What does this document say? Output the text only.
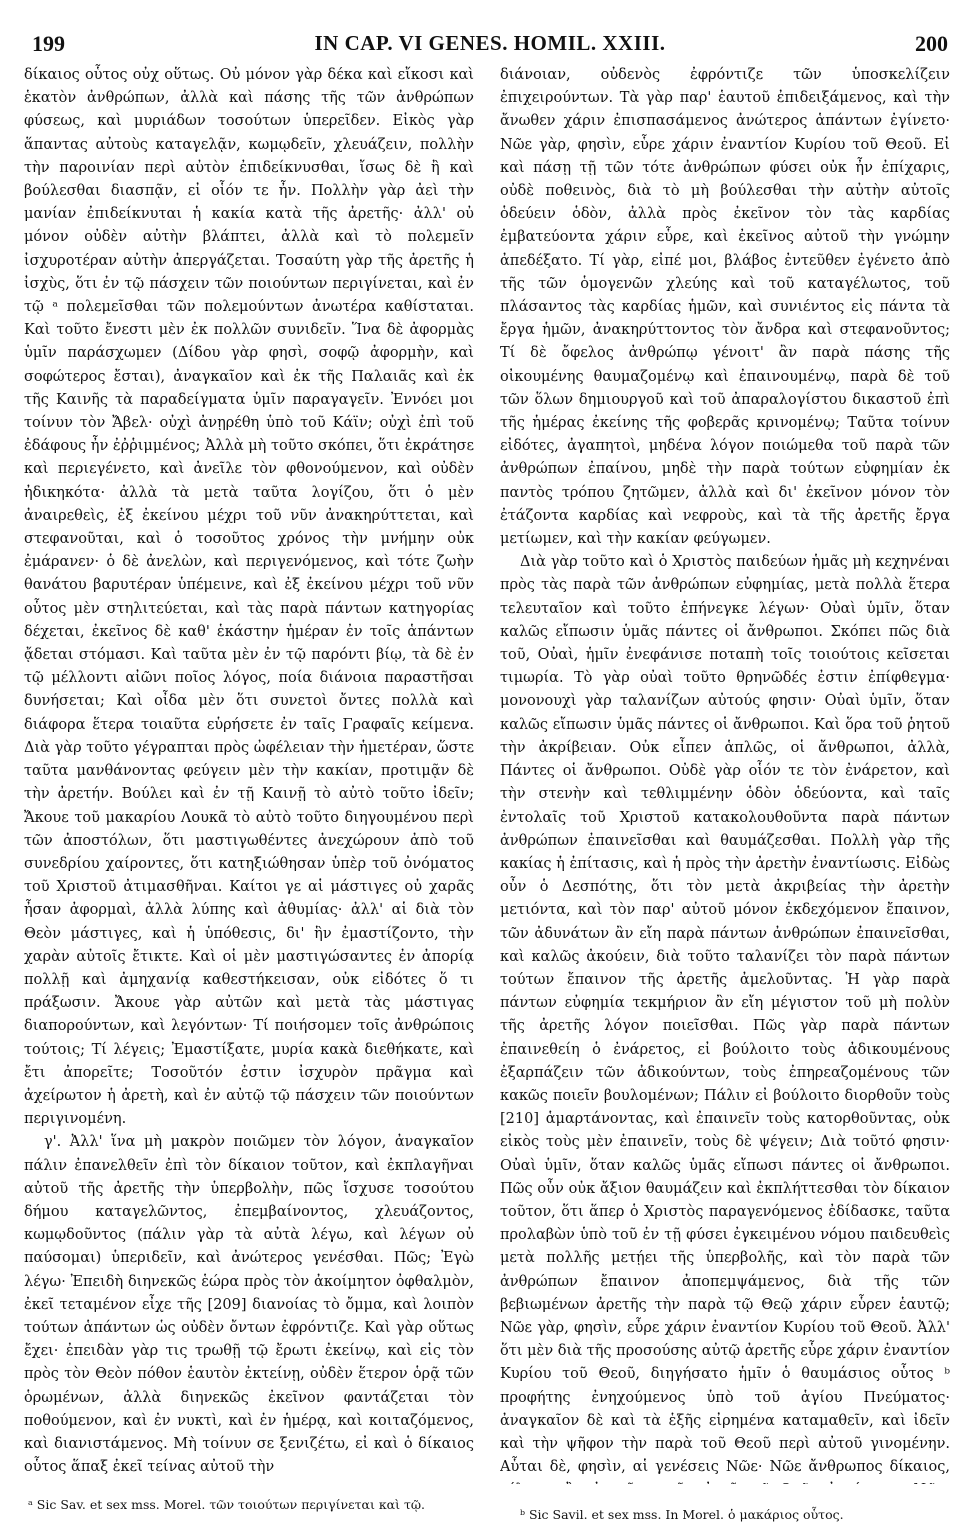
199	IN CAP. VI GENES. HOMIL. XXIII.	200

δίκαιος οὗτος οὐχ οὕτως. Οὐ μόνον γὰρ δέκα καὶ εἴκοσι καὶ ἑκατὸν ἀνθρώπων, ἀλλὰ καὶ πάσης τῆς τῶν ἀνθρώπων φύσεως, καὶ μυριάδων τοσούτων ὑπερεῖδεν. Εἰκὸς γὰρ ἅπαντας αὐτοὺς καταγελᾷν, κωμῳδεῖν, χλευάζειν, πολλὴν τὴν παροινίαν περὶ αὐτὸν ἐπιδείκνυσθαι, ἴσως δὲ ἢ καὶ βούλεσθαι διασπᾷν, εἰ οἷόν τε ἦν. Πολλὴν γὰρ ἀεὶ τὴν μανίαν ἐπιδείκνυται ἡ κακία κατὰ τῆς ἀρετῆς· ἀλλ' οὐ μόνον οὐδὲν αὐτὴν βλάπτει, ἀλλὰ καὶ τὸ πολεμεῖν ἰσχυροτέραν αὐτὴν ἀπεργάζεται. Τοσαύτη γὰρ τῆς ἀρετῆς ἡ ἰσχὺς, ὅτι ἐν τῷ πάσχειν τῶν ποιούντων περιγίνεται, καὶ ἐν τῷ ᵃ πολεμεῖσθαι τῶν πολεμούντων ἀνωτέρα καθίσταται. Καὶ τοῦτο ἔνεστι μὲν ἐκ πολλῶν συνιδεῖν. Ἵνα δὲ ἀφορμὰς ὑμῖν παράσχωμεν (Δίδου γὰρ φησὶ, σοφῷ ἀφορμὴν, καὶ σοφώτερος ἔσται), ἀναγκαῖον καὶ ἐκ τῆς Παλαιᾶς καὶ ἐκ τῆς Καινῆς τὰ παραδείγματα ὑμῖν παραγαγεῖν. Ἐννόει μοι τοίνυν τὸν Ἄβελ· οὐχὶ ἀνῃρέθη ὑπὸ τοῦ Κάϊν; οὐχὶ ἐπὶ τοῦ ἐδάφους ἦν ἐῤῥιμμένος; Ἀλλὰ μὴ τοῦτο σκόπει, ὅτι ἐκράτησε καὶ περιεγένετο, καὶ ἀνεῖλε τὸν φθονούμενον, καὶ οὐδὲν ἠδικηκότα· ἀλλὰ τὰ μετὰ ταῦτα λογίζου, ὅτι ὁ μὲν ἀναιρεθεὶς, ἐξ ἐκείνου μέχρι τοῦ νῦν ἀνακηρύττεται, καὶ στεφανοῦται, καὶ ὁ τοσοῦτος χρόνος τὴν μνήμην οὐκ ἐμάρανεν· ὁ δὲ ἀνελὼν, καὶ περιγενόμενος, καὶ τότε ζωὴν θανάτου βαρυτέραν ὑπέμεινε, καὶ ἐξ ἐκείνου μέχρι τοῦ νῦν οὗτος μὲν στηλιτεύεται, καὶ τὰς παρὰ πάντων κατηγορίας δέχεται, ἐκεῖνος δὲ καθ' ἑκάστην ἡμέραν ἐν τοῖς ἁπάντων ᾄδεται στόμασι. Καὶ ταῦτα μὲν ἐν τῷ παρόντι βίῳ, τὰ δὲ ἐν τῷ μέλλοντι αἰῶνι ποῖος λόγος, ποία διάνοια παραστῆσαι δυνήσεται; Καὶ οἶδα μὲν ὅτι συνετοὶ ὄντες πολλὰ καὶ διάφορα ἕτερα τοιαῦτα εὑρήσετε ἐν ταῖς Γραφαῖς κείμενα. Διὰ γὰρ τοῦτο γέγραπται πρὸς ὠφέλειαν τὴν ἡμετέραν, ὥστε ταῦτα μανθάνοντας φεύγειν μὲν τὴν κακίαν, προτιμᾷν δὲ τὴν ἀρετήν. Βούλει καὶ ἐν τῇ Καινῇ τὸ αὐτὸ τοῦτο ἰδεῖν; Ἄκουε τοῦ μακαρίου Λουκᾶ τὸ αὐτὸ τοῦτο διηγουμένου περὶ τῶν ἀποστόλων, ὅτι μαστιγωθέντες ἀνεχώρουν ἀπὸ τοῦ συνεδρίου χαίροντες, ὅτι κατηξιώθησαν ὑπὲρ τοῦ ὀνόματος τοῦ Χριστοῦ ἀτιμασθῆναι. Καίτοι γε αἱ μάστιγες οὐ χαρᾶς ἦσαν ἀφορμαὶ, ἀλλὰ λύπης καὶ ἀθυμίας· ἀλλ' αἱ διὰ τὸν Θεὸν μάστιγες, καὶ ἡ ὑπόθεσις, δι' ἣν ἐμαστίζοντο, τὴν χαρὰν αὐτοῖς ἔτικτε. Καὶ οἱ μὲν μαστιγώσαντες ἐν ἀπορίᾳ πολλῇ καὶ ἀμηχανίᾳ καθεστήκεισαν, οὐκ εἰδότες ὅ τι πράξωσιν. Ἄκουε γὰρ αὐτῶν καὶ μετὰ τὰς μάστιγας διαπορούντων, καὶ λεγόντων· Τί ποιήσομεν τοῖς ἀνθρώποις τούτοις; Τί λέγεις; Ἐμαστίξατε, μυρία κακὰ διεθήκατε, καὶ ἔτι ἀπορεῖτε; Τοσοῦτόν ἐστιν ἰσχυρὸν πρᾶγμα καὶ ἀχείρωτον ἡ ἀρετὴ, καὶ ἐν αὐτῷ τῷ πάσχειν τῶν ποιούντων περιγινομένη.

γ'. Ἀλλ' ἵνα μὴ μακρὸν ποιῶμεν τὸν λόγον, ἀναγκαῖον πάλιν ἐπανελθεῖν ἐπὶ τὸν δίκαιον τοῦτον, καὶ ἐκπλαγῆναι αὐτοῦ τῆς ἀρετῆς τὴν ὑπερβολὴν, πῶς ἴσχυσε τοσούτου δήμου καταγελῶντος, ἐπεμβαίνοντος, χλευάζοντος, κωμῳδοῦντος (πάλιν γὰρ τὰ αὐτὰ λέγω, καὶ λέγων οὐ παύσομαι) ὑπεριδεῖν, καὶ ἀνώτερος γενέσθαι. Πῶς; Ἐγὼ λέγω· Ἐπειδὴ διηνεκῶς ἑώρα πρὸς τὸν ἀκοίμητον ὀφθαλμὸν, ἐκεῖ τεταμένον εἶχε τῆς [209] διανοίας τὸ ὄμμα, καὶ λοιπὸν τούτων ἁπάντων ὡς οὐδὲν ὄντων ἐφρόντιζε. Καὶ γὰρ οὕτως ἔχει· ἐπειδὰν γὰρ τις τρωθῇ τῷ ἔρωτι ἐκείνῳ, καὶ εἰς τὸν πρὸς τὸν Θεὸν πόθον ἑαυτὸν ἐκτείνῃ, οὐδὲν ἕτερον ὁρᾷ τῶν ὁρωμένων, ἀλλὰ διηνεκῶς ἐκεῖνον φαντάζεται τὸν ποθούμενον, καὶ ἐν νυκτὶ, καὶ ἐν ἡμέρᾳ, καὶ κοιταζόμενος, καὶ διανιστάμενος. Μὴ τοίνυν σε ξενιζέτω, εἰ καὶ ὁ δίκαιος οὗτος ἅπαξ ἐκεῖ τείνας αὐτοῦ τὴν

διάνοιαν, οὐδενὸς ἐφρόντιζε τῶν ὑποσκελίζειν ἐπιχειρούντων. Τὰ γὰρ παρ' ἑαυτοῦ ἐπιδειξάμενος, καὶ τὴν ἄνωθεν χάριν ἐπισπασάμενος ἀνώτερος ἁπάντων ἐγίνετο· Νῶε γὰρ, φησὶν, εὗρε χάριν ἐναντίον Κυρίου τοῦ Θεοῦ. Εἰ καὶ πάσῃ τῇ τῶν τότε ἀνθρώπων φύσει οὐκ ἦν ἐπίχαρις, οὐδὲ ποθεινὸς, διὰ τὸ μὴ βούλεσθαι τὴν αὐτὴν αὐτοῖς ὁδεύειν ὁδὸν, ἀλλὰ πρὸς ἐκεῖνον τὸν τὰς καρδίας ἐμβατεύοντα χάριν εὗρε, καὶ ἐκεῖνος αὐτοῦ τὴν γνώμην ἀπεδέξατο. Τί γὰρ, εἰπέ μοι, βλάβος ἐντεῦθεν ἐγένετο ἀπὸ τῆς τῶν ὁμογενῶν χλεύης καὶ τοῦ καταγέλωτος, τοῦ πλάσαντος τὰς καρδίας ἡμῶν, καὶ συνιέντος εἰς πάντα τὰ ἔργα ἡμῶν, ἀνακηρύττοντος τὸν ἄνδρα καὶ στεφανοῦντος; Τί δὲ ὄφελος ἀνθρώπῳ γένοιτ' ἂν παρὰ πάσης τῆς οἰκουμένης θαυμαζομένῳ καὶ ἐπαινουμένῳ, παρὰ δὲ τοῦ τῶν ὅλων δημιουργοῦ καὶ τοῦ ἀπαραλογίστου δικαστοῦ ἐπὶ τῆς ἡμέρας ἐκείνης τῆς φοβερᾶς κρινομένῳ; Ταῦτα τοίνυν εἰδότες, ἀγαπητοὶ, μηδένα λόγον ποιώμεθα τοῦ παρὰ τῶν ἀνθρώπων ἐπαίνου, μηδὲ τὴν παρὰ τούτων εὐφημίαν ἐκ παντὸς τρόπου ζητῶμεν, ἀλλὰ καὶ δι' ἐκεῖνον μόνον τὸν ἐτάζοντα καρδίας καὶ νεφροὺς, καὶ τὰ τῆς ἀρετῆς ἔργα μετίωμεν, καὶ τὴν κακίαν φεύγωμεν.

Διὰ γὰρ τοῦτο καὶ ὁ Χριστὸς παιδεύων ἡμᾶς μὴ κεχηνέναι πρὸς τὰς παρὰ τῶν ἀνθρώπων εὐφημίας, μετὰ πολλὰ ἕτερα τελευταῖον καὶ τοῦτο ἐπήνεγκε λέγων· Οὐαὶ ὑμῖν, ὅταν καλῶς εἴπωσιν ὑμᾶς πάντες οἱ ἄνθρωποι. Σκόπει πῶς διὰ τοῦ, Οὐαὶ, ἡμῖν ἐνεφάνισε ποταπὴ τοῖς τοιούτοις κεῖσεται τιμωρία. Τὸ γὰρ οὐαὶ τοῦτο θρηνῶδές ἐστιν ἐπίφθεγμα· μονονουχὶ γὰρ ταλανίζων αὐτούς φησιν· Οὐαὶ ὑμῖν, ὅταν καλῶς εἴπωσιν ὑμᾶς πάντες οἱ ἄνθρωποι. Καὶ ὅρα τοῦ ῥητοῦ τὴν ἀκρίβειαν. Οὐκ εἶπεν ἁπλῶς, οἱ ἄνθρωποι, ἀλλὰ, Πάντες οἱ ἄνθρωποι. Οὐδὲ γὰρ οἷόν τε τὸν ἐνάρετον, καὶ τὴν στενὴν καὶ τεθλιμμένην ὁδὸν ὁδεύοντα, καὶ ταῖς ἐντολαῖς τοῦ Χριστοῦ κατακολουθοῦντα παρὰ πάντων ἀνθρώπων ἐπαινεῖσθαι καὶ θαυμάζεσθαι. Πολλὴ γὰρ τῆς κακίας ἡ ἐπίτασις, καὶ ἡ πρὸς τὴν ἀρετὴν ἐναντίωσις. Εἰδὼς οὖν ὁ Δεσπότης, ὅτι τὸν μετὰ ἀκριβείας τὴν ἀρετὴν μετιόντα, καὶ τὸν παρ' αὐτοῦ μόνον ἐκδεχόμενον ἔπαινον, τῶν ἀδυνάτων ἂν εἴη παρὰ πάντων ἀνθρώπων ἐπαινεῖσθαι, καὶ καλῶς ἀκούειν, διὰ τοῦτο ταλανίζει τὸν παρὰ πάντων τούτων ἔπαινον τῆς ἀρετῆς ἀμελοῦντας. Ἡ γὰρ παρὰ πάντων εὐφημία τεκμήριον ἂν εἴη μέγιστον τοῦ μὴ πολὺν τῆς ἀρετῆς λόγον ποιεῖσθαι. Πῶς γὰρ παρὰ πάντων ἐπαινεθείη ὁ ἐνάρετος, εἰ βούλοιτο τοὺς ἀδικουμένους ἐξαρπάζειν τῶν ἀδικούντων, τοὺς ἐπηρεαζομένους τῶν κακῶς ποιεῖν βουλομένων; Πάλιν εἰ βούλοιτο διορθοῦν τοὺς [210] ἁμαρτάνοντας, καὶ ἐπαινεῖν τοὺς κατορθοῦντας, οὐκ εἰκὸς τοὺς μὲν ἐπαινεῖν, τοὺς δὲ ψέγειν; Διὰ τοῦτό φησιν· Οὐαὶ ὑμῖν, ὅταν καλῶς ὑμᾶς εἴπωσι πάντες οἱ ἄνθρωποι. Πῶς οὖν οὐκ ἄξιον θαυμάζειν καὶ ἐκπλήττεσθαι τὸν δίκαιον τοῦτον, ὅτι ἅπερ ὁ Χριστὸς παραγενόμενος ἐδίδασκε, ταῦτα προλαβὼν ὑπὸ τοῦ ἐν τῇ φύσει ἐγκειμένου νόμου παιδευθεὶς μετὰ πολλῆς μετῄει τῆς ὑπερβολῆς, καὶ τὸν παρὰ τῶν ἀνθρώπων ἔπαινον ἀποπεμψάμενος, διὰ τῆς τῶν βεβιωμένων ἀρετῆς τὴν παρὰ τῷ Θεῷ χάριν εὗρεν ἑαυτῷ; Νῶε γὰρ, φησὶν, εὗρε χάριν ἐναντίον Κυρίου τοῦ Θεοῦ. Ἀλλ' ὅτι μὲν διὰ τῆς προσούσης αὐτῷ ἀρετῆς εὗρε χάριν ἐναντίον Κυρίου τοῦ Θεοῦ, διηγήσατο ἡμῖν ὁ θαυμάσιος οὗτος ᵇ προφήτης ἐνηχούμενος ὑπὸ τοῦ ἁγίου Πνεύματος· ἀναγκαῖον δὲ καὶ τὰ ἑξῆς εἰρημένα καταμαθεῖν, καὶ ἰδεῖν καὶ τὴν ψῆφον τὴν παρὰ τοῦ Θεοῦ περὶ αὐτοῦ γινομένην. Αὗται δὲ, φησὶν, αἱ γενέσεις Νῶε· Νῶε ἄνθρωπος δίκαιος,

ᵃ Sic Sav. et sex mss. Morel. τῶν τοιούτων περιγίνεται καὶ τῷ.
ᵇ Sic Savil. et sex mss. In Morel. ὁ μακάριος οὗτος.
